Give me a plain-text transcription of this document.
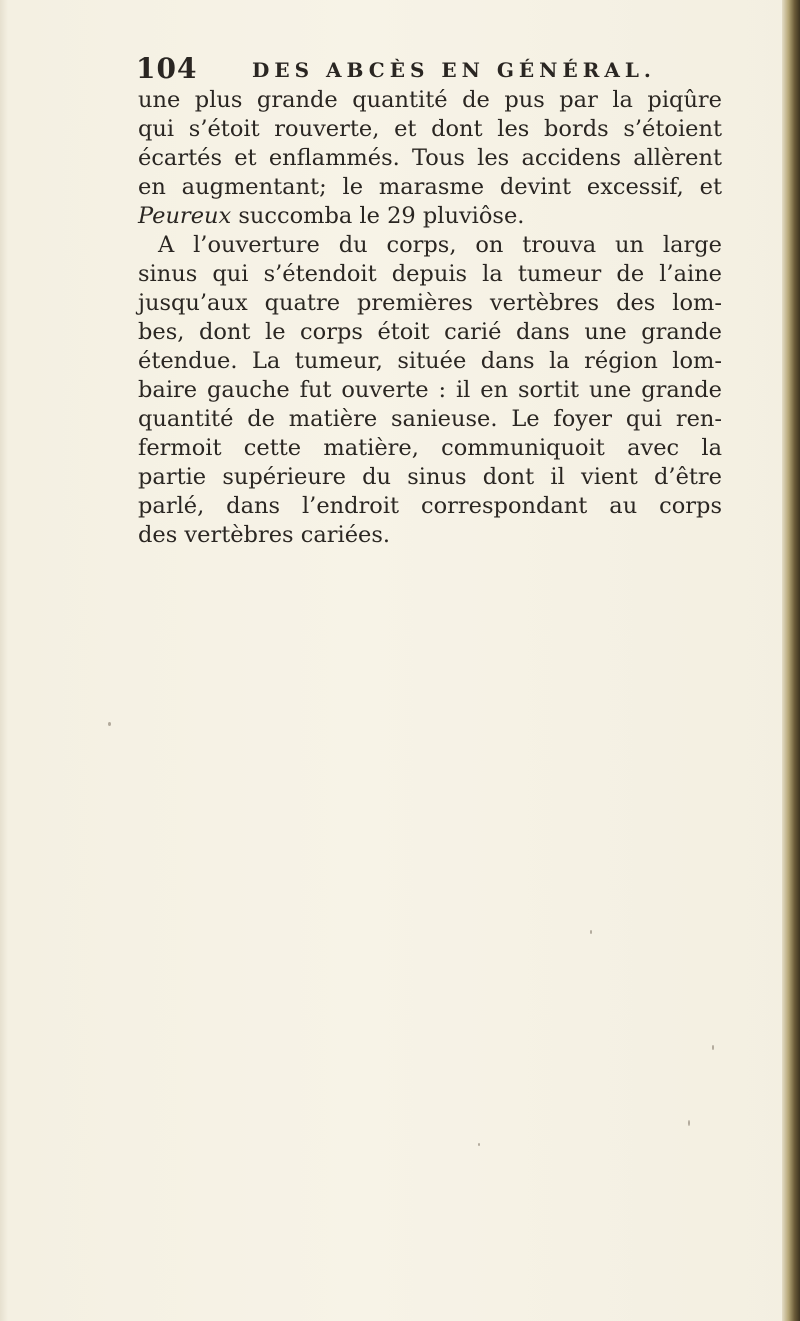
104	DES ABCÈS EN GÉNÉRAL.
une plus grande quantité de pus par la piqûre
qui s’étoit rouverte, et dont les bords s’étoient
écartés et enflammés. Tous les accidens allèrent
en augmentant; le marasme devint excessif, et
Peureux succomba le 29 pluviôse.
A l’ouverture du corps, on trouva un large
sinus qui s’étendoit depuis la tumeur de l’aine
jusqu’aux quatre premières vertèbres des lom-
bes, dont le corps étoit carié dans une grande
étendue. La tumeur, située dans la région lom-
baire gauche fut ouverte : il en sortit une grande
quantité de matière sanieuse. Le foyer qui ren-
fermoit cette matière, communiquoit avec la
partie supérieure du sinus dont il vient d’être
parlé, dans l’endroit correspondant au corps
des vertèbres cariées.
